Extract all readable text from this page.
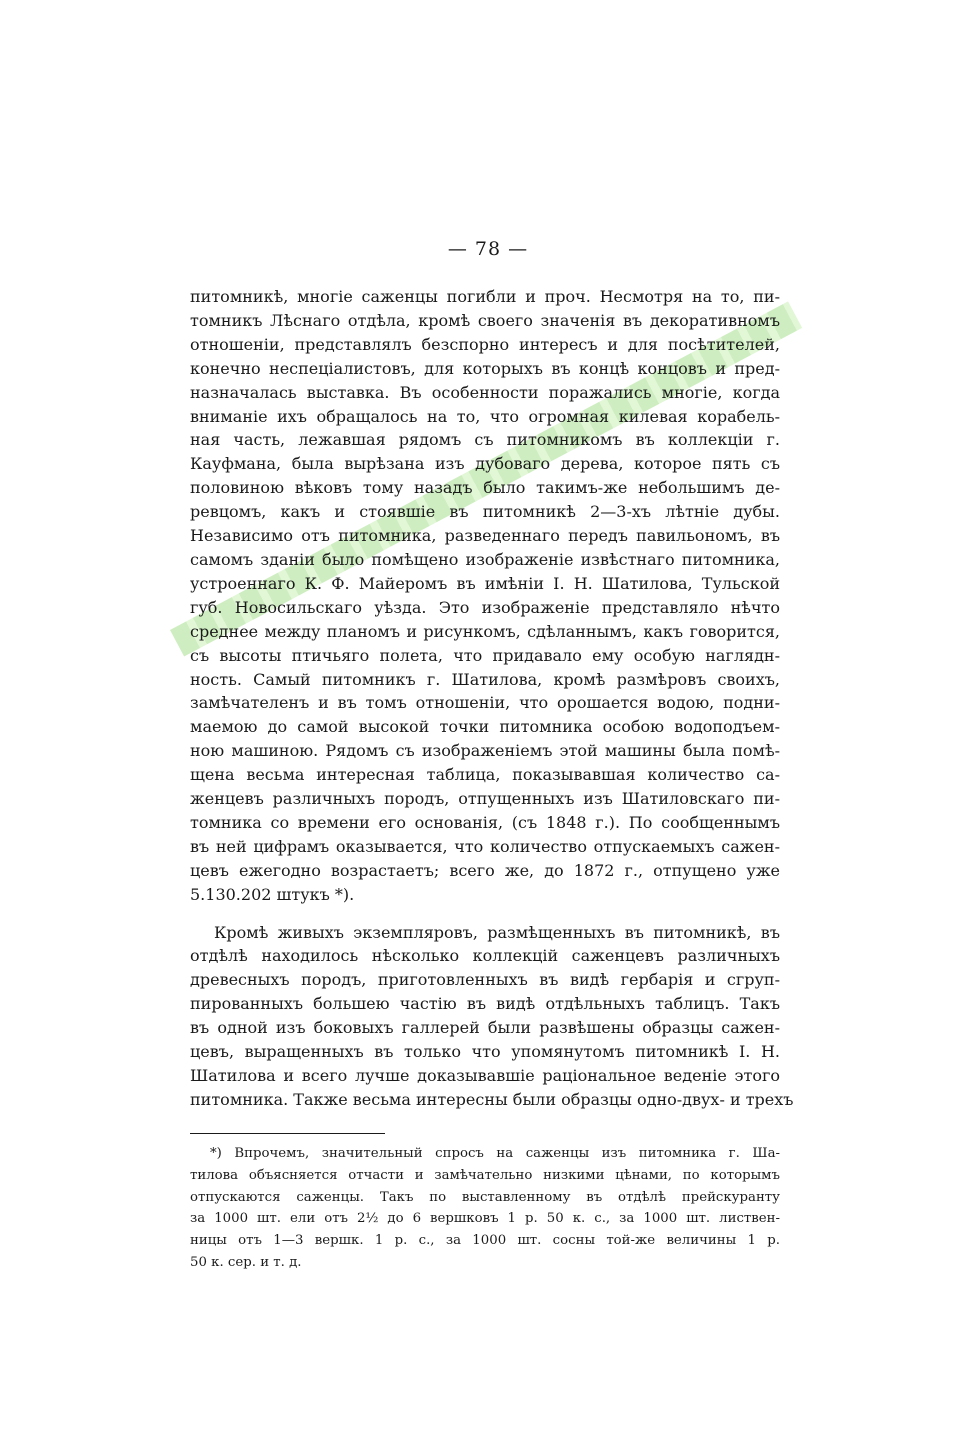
— 78 —
питомникѣ, многіе саженцы погибли и проч. Несмотря на то, пи-
томникъ Лѣснаго отдѣла, кромѣ своего значенія въ декоративномъ
отношеніи, представлялъ безспорно интересъ и для посѣтителей,
конечно неспеціалистовъ, для которыхъ въ концѣ концовъ и пред-
назначалась выставка. Въ особенности поражались многіе, когда
вниманіе ихъ обращалось на то, что огромная килевая корабель-
ная часть, лежавшая рядомъ съ питомникомъ въ коллекціи г.
Кауфмана, была вырѣзана изъ дубоваго дерева, которое пять съ
половиною вѣковъ тому назадъ было такимъ-же небольшимъ де-
ревцомъ, какъ и стоявшіе въ питомникѣ 2—3-хъ лѣтніе дубы.
Независимо отъ питомника, разведеннаго передъ павильономъ, въ
самомъ зданіи было помѣщено изображеніе извѣстнаго питомника,
устроеннаго К. Ф. Майеромъ въ имѣніи І. Н. Шатилова, Тульской
губ. Новосильскаго уѣзда. Это изображеніе представляло нѣчто
среднее между планомъ и рисункомъ, сдѣланнымъ, какъ говорится,
съ высоты птичьяго полета, что придавало ему особую наглядн-
ность. Самый питомникъ г. Шатилова, кромѣ размѣровъ своихъ,
замѣчателенъ и въ томъ отношеніи, что орошается водою, подни-
маемою до самой высокой точки питомника особою водоподъем-
ною машиною. Рядомъ съ изображеніемъ этой машины была помѣ-
щена весьма интересная таблица, показывавшая количество са-
женцевъ различныхъ породъ, отпущенныхъ изъ Шатиловскаго пи-
томника со времени его основанія, (съ 1848 г.). По сообщеннымъ
въ ней цифрамъ оказывается, что количество отпускаемыхъ сажен-
цевъ ежегодно возрастаетъ; всего же, до 1872 г., отпущено уже
5.130.202 штукъ *).
Кромѣ живыхъ экземпляровъ, размѣщенныхъ въ питомникѣ, въ
отдѣлѣ находилось нѣсколько коллекцій саженцевъ различныхъ
древесныхъ породъ, приготовленныхъ въ видѣ гербарія и сгруп-
пированныхъ большею частію въ видѣ отдѣльныхъ таблицъ. Такъ
въ одной изъ боковыхъ галлерей были развѣшены образцы сажен-
цевъ, выращенныхъ въ только что упомянутомъ питомникѣ І. Н.
Шатилова и всего лучше доказывавшіе раціональное веденіе этого
питомника. Также весьма интересны были образцы одно-двух- и трехъ
*) Впрочемъ, значительный спросъ на саженцы изъ питомника г. Ша-
тилова объясняется отчасти и замѣчательно низкими цѣнами, по которымъ
отпускаются саженцы. Такъ по выставленному въ отдѣлѣ прейскуранту
за 1000 шт. ели отъ 2½ до 6 вершковъ 1 р. 50 к. с., за 1000 шт. листвен-
ницы отъ 1—3 вершк. 1 р. с., за 1000 шт. сосны той-же величины 1 р.
50 к. сер. и т. д.
